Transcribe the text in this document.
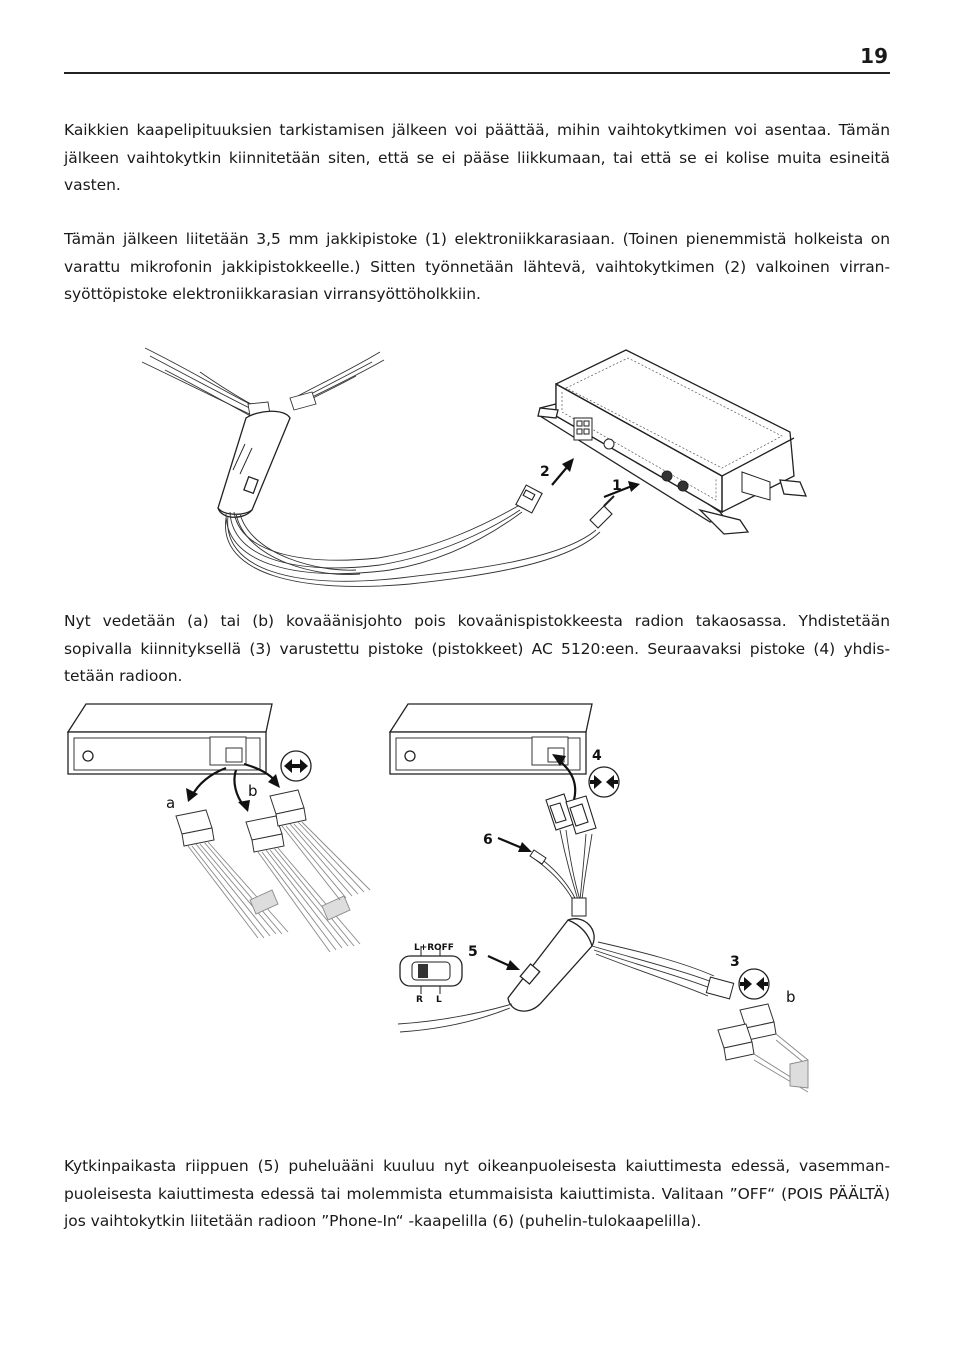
19

Kaikkien kaapelipituuksien tarkistamisen jälkeen voi päättää, mihin vaihtokytkimen voi asentaa. Tämän jälkeen vaihtokytkin kiinnitetään siten, että se ei pääse liikkumaan, tai että se ei kolise muita esineitä vasten.

Tämän jälkeen liitetään 3,5 mm jakkipistoke (1) elektroniikkarasiaan. (Toinen pienemmistä holkeista on varattu mikrofonin jakkipistokkeelle.) Sitten työnnetään lähtevä, vaihtokytkimen (2) valkoinen virran-syöttöpistoke elektroniikkarasian virransyöttöholkkiin.

2
1

Nyt vedetään (a) tai (b) kovaäänisjohto pois kovaänispistokkeesta radion takaosassa. Yhdistetään sopivalla kiinnityksellä (3) varustettu pistoke (pistokkeet) AC 5120:een. Seuraavaksi pistoke (4) yhdis-tetään radioon.

a
b
4
6
5
L+R OFF
R L
3
b

Kytkinpaikasta riippuen (5) puheluääni kuuluu nyt oikeanpuoleisesta kaiuttimesta edessä, vasemman-puoleisesta kaiuttimesta edessä tai molemmista etummaisista kaiuttimista. Valitaan ”OFF“ (POIS PÄÄLTÄ) jos vaihtokytkin liitetään radioon ”Phone-In“ -kaapelilla (6) (puhelin-tulokaapelilla).
